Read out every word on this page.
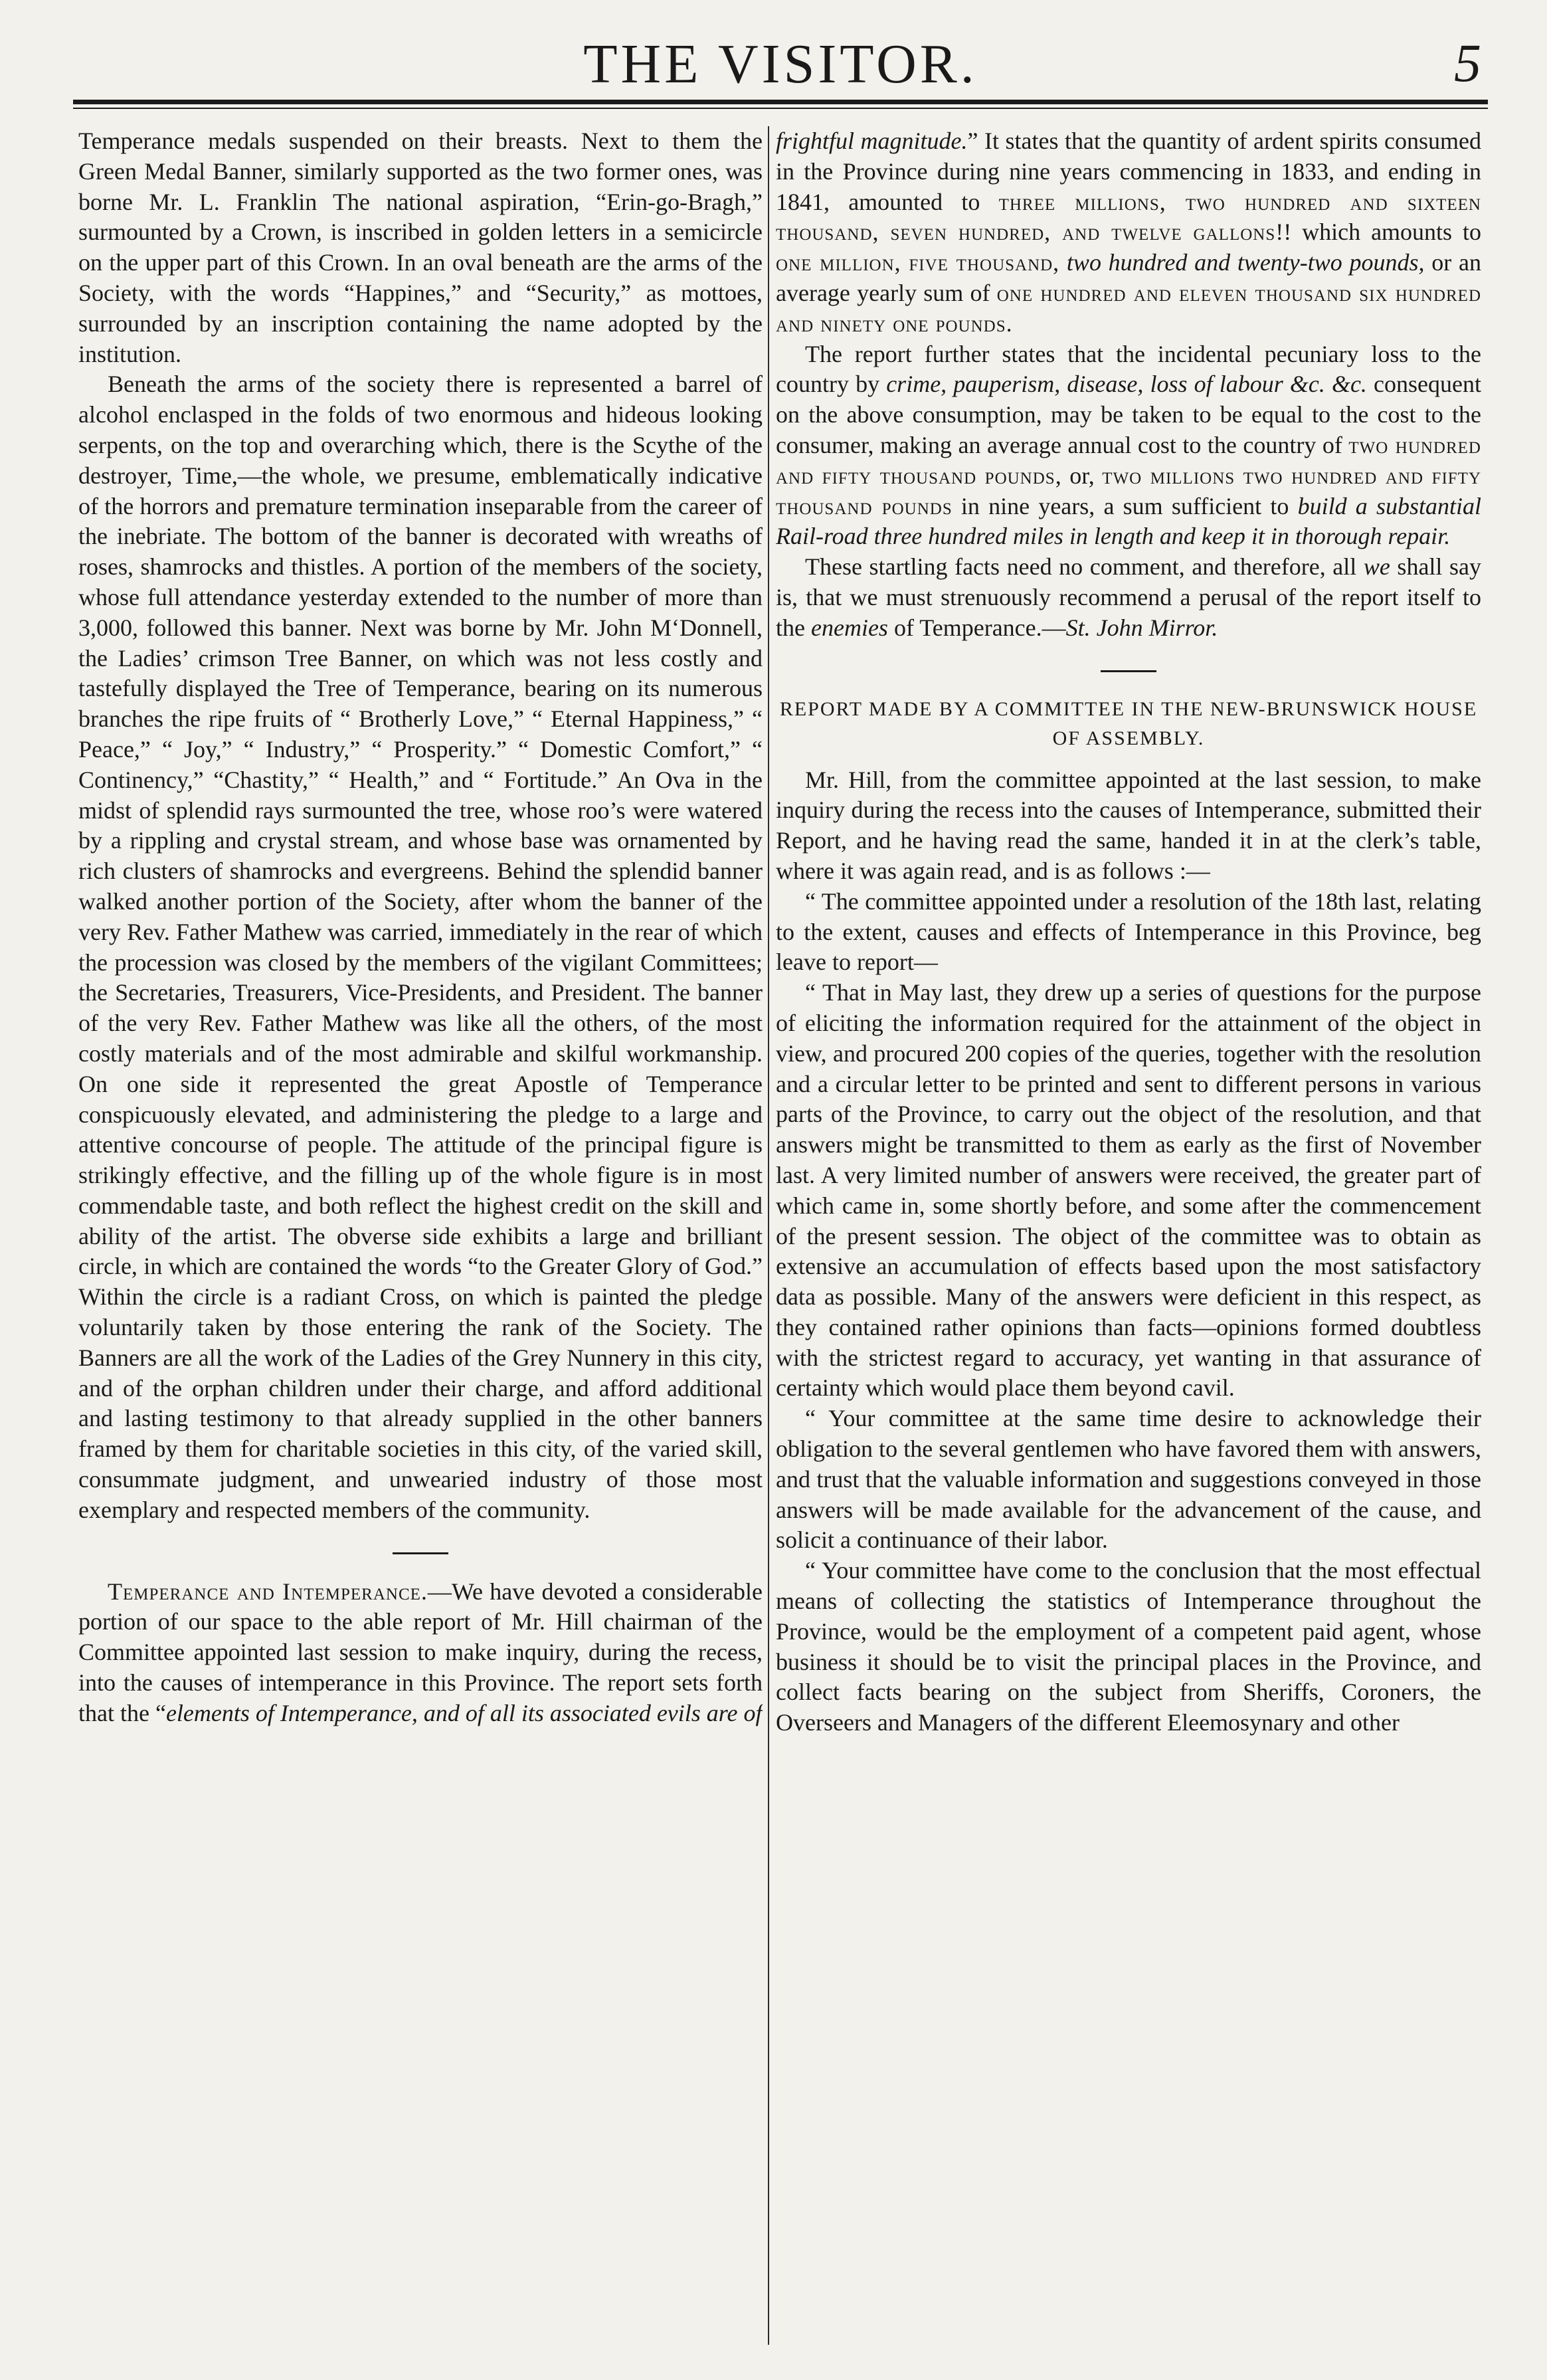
THE VISITOR.	5

Temperance medals suspended on their breasts. Next to them the Green Medal Banner, similarly supported as the two former ones, was borne Mr. L. Franklin The national aspiration, “Erin-go-Bragh,” surmounted by a Crown, is inscribed in golden letters in a semicircle on the upper part of this Crown. In an oval beneath are the arms of the Society, with the words “Happines,” and “Security,” as mottoes, surrounded by an inscription containing the name adopted by the institution.

Beneath the arms of the society there is represented a barrel of alcohol enclasped in the folds of two enormous and hideous looking serpents, on the top and overarching which, there is the Scythe of the destroyer, Time,—the whole, we presume, emblematically indicative of the horrors and premature termination inseparable from the career of the inebriate. The bottom of the banner is decorated with wreaths of roses, shamrocks and thistles. A portion of the members of the society, whose full attendance yesterday extended to the number of more than 3,000, followed this banner. Next was borne by Mr. John M‘Donnell, the Ladies’ crimson Tree Banner, on which was not less costly and tastefully displayed the Tree of Temperance, bearing on its numerous branches the ripe fruits of “ Brotherly Love,” “ Eternal Happiness,” “ Peace,” “ Joy,” “ Industry,” “ Prosperity.” “ Domestic Comfort,” “ Continency,” “Chastity,” “ Health,” and “ Fortitude.” An Ova in the midst of splendid rays surmounted the tree, whose roo’s were watered by a rippling and crystal stream, and whose base was ornamented by rich clusters of shamrocks and evergreens. Behind the splendid banner walked another portion of the Society, after whom the banner of the very Rev. Father Mathew was carried, immediately in the rear of which the procession was closed by the members of the vigilant Committees; the Secretaries, Treasurers, Vice-Presidents, and President. The banner of the very Rev. Father Mathew was like all the others, of the most costly materials and of the most admirable and skilful workmanship. On one side it represented the great Apostle of Temperance conspicuously elevated, and administering the pledge to a large and attentive concourse of people. The attitude of the principal figure is strikingly effective, and the filling up of the whole figure is in most commendable taste, and both reflect the highest credit on the skill and ability of the artist. The obverse side exhibits a large and brilliant circle, in which are contained the words “to the Greater Glory of God.” Within the circle is a radiant Cross, on which is painted the pledge voluntarily taken by those entering the rank of the Society. The Banners are all the work of the Ladies of the Grey Nunnery in this city, and of the orphan children under their charge, and afford additional and lasting testimony to that already supplied in the other banners framed by them for charitable societies in this city, of the varied skill, consummate judgment, and unwearied industry of those most exemplary and respected members of the community.

Temperance and Intemperance.—We have devoted a considerable portion of our space to the able report of Mr. Hill chairman of the Committee appointed last session to make inquiry, during the recess, into the causes of intemperance in this Province. The report sets forth that the “elements of Intemperance, and of all its associated evils are of

frightful magnitude.” It states that the quantity of ardent spirits consumed in the Province during nine years commencing in 1833, and ending in 1841, amounted to three millions, two hundred and sixteen thousand, seven hundred, and twelve gallons!! which amounts to one million, five thousand, two hundred and twenty-two pounds, or an average yearly sum of one hundred and eleven thousand six hundred and ninety one pounds.

The report further states that the incidental pecuniary loss to the country by crime, pauperism, disease, loss of labour &c. &c. consequent on the above consumption, may be taken to be equal to the cost to the consumer, making an average annual cost to the country of two hundred and fifty thousand pounds, or, two millions two hundred and fifty thousand pounds in nine years, a sum sufficient to build a substantial Rail-road three hundred miles in length and keep it in thorough repair.

These startling facts need no comment, and therefore, all we shall say is, that we must strenuously recommend a perusal of the report itself to the enemies of Temperance.—St. John Mirror.

REPORT MADE BY A COMMITTEE IN THE NEW-BRUNSWICK HOUSE OF ASSEMBLY.

Mr. Hill, from the committee appointed at the last session, to make inquiry during the recess into the causes of Intemperance, submitted their Report, and he having read the same, handed it in at the clerk’s table, where it was again read, and is as follows :—

“ The committee appointed under a resolution of the 18th last, relating to the extent, causes and effects of Intemperance in this Province, beg leave to report—

“ That in May last, they drew up a series of questions for the purpose of eliciting the information required for the attainment of the object in view, and procured 200 copies of the queries, together with the resolution and a circular letter to be printed and sent to different persons in various parts of the Province, to carry out the object of the resolution, and that answers might be transmitted to them as early as the first of November last. A very limited number of answers were received, the greater part of which came in, some shortly before, and some after the commencement of the present session. The object of the committee was to obtain as extensive an accumulation of effects based upon the most satisfactory data as possible. Many of the answers were deficient in this respect, as they contained rather opinions than facts—opinions formed doubtless with the strictest regard to accuracy, yet wanting in that assurance of certainty which would place them beyond cavil.

“ Your committee at the same time desire to acknowledge their obligation to the several gentlemen who have favored them with answers, and trust that the valuable information and suggestions conveyed in those answers will be made available for the advancement of the cause, and solicit a continuance of their labor.

“ Your committee have come to the conclusion that the most effectual means of collecting the statistics of Intemperance throughout the Province, would be the employment of a competent paid agent, whose business it should be to visit the principal places in the Province, and collect facts bearing on the subject from Sheriffs, Coroners, the Overseers and Managers of the different Eleemosynary and other
